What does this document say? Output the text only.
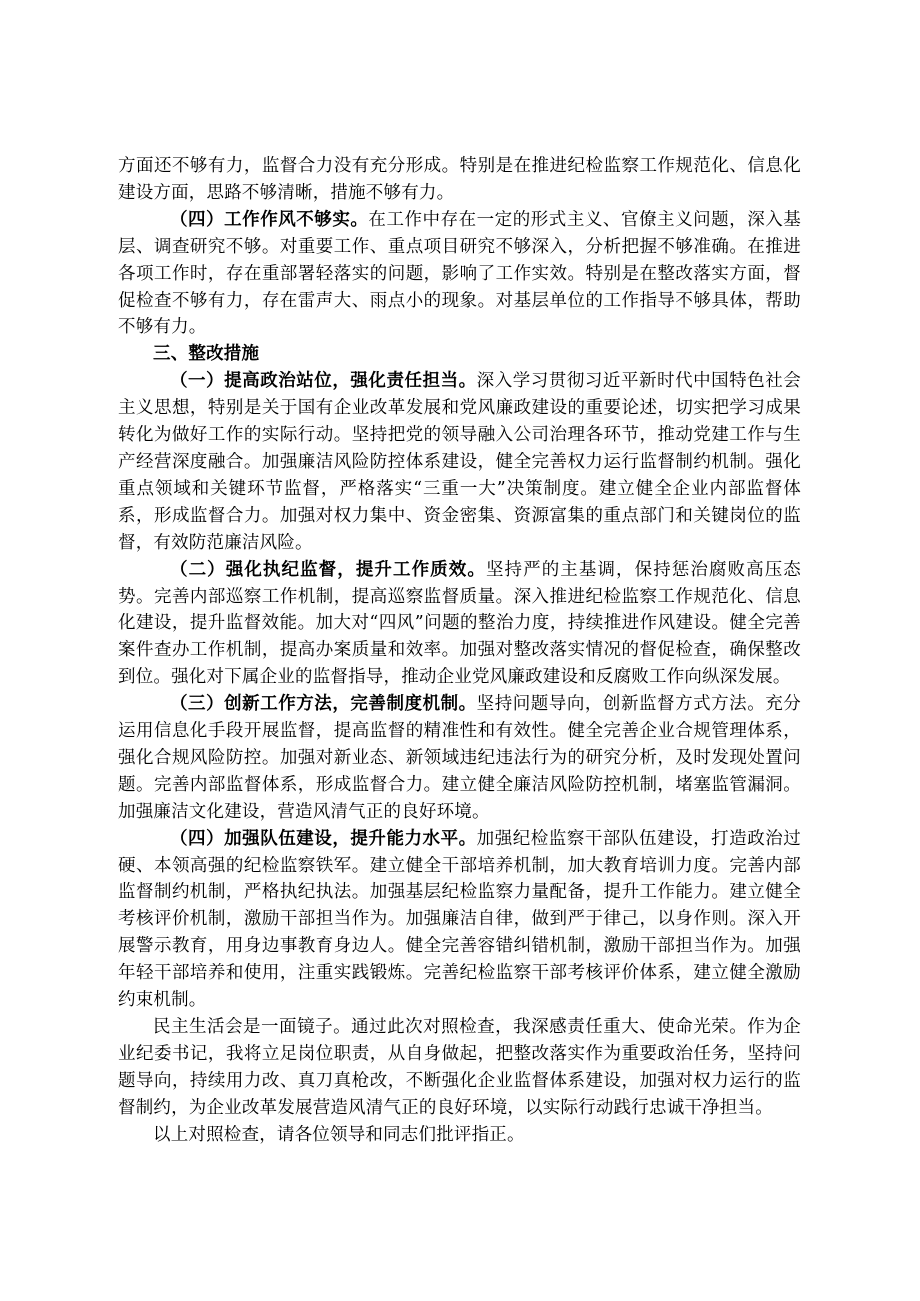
方面还不够有力，监督合力没有充分形成。特别是在推进纪检监察工作规范化、信息化建设方面，思路不够清晰，措施不够有力。

（四）工作作风不够实。在工作中存在一定的形式主义、官僚主义问题，深入基层、调查研究不够。对重要工作、重点项目研究不够深入，分析把握不够准确。在推进各项工作时，存在重部署轻落实的问题，影响了工作实效。特别是在整改落实方面，督促检查不够有力，存在雷声大、雨点小的现象。对基层单位的工作指导不够具体，帮助不够有力。

三、整改措施

（一）提高政治站位，强化责任担当。深入学习贯彻习近平新时代中国特色社会主义思想，特别是关于国有企业改革发展和党风廉政建设的重要论述，切实把学习成果转化为做好工作的实际行动。坚持把党的领导融入公司治理各环节，推动党建工作与生产经营深度融合。加强廉洁风险防控体系建设，健全完善权力运行监督制约机制。强化重点领域和关键环节监督，严格落实“三重一大”决策制度。建立健全企业内部监督体系，形成监督合力。加强对权力集中、资金密集、资源富集的重点部门和关键岗位的监督，有效防范廉洁风险。

（二）强化执纪监督，提升工作质效。坚持严的主基调，保持惩治腐败高压态势。完善内部巡察工作机制，提高巡察监督质量。深入推进纪检监察工作规范化、信息化建设，提升监督效能。加大对“四风”问题的整治力度，持续推进作风建设。健全完善案件查办工作机制，提高办案质量和效率。加强对整改落实情况的督促检查，确保整改到位。强化对下属企业的监督指导，推动企业党风廉政建设和反腐败工作向纵深发展。

（三）创新工作方法，完善制度机制。坚持问题导向，创新监督方式方法。充分运用信息化手段开展监督，提高监督的精准性和有效性。健全完善企业合规管理体系，强化合规风险防控。加强对新业态、新领域违纪违法行为的研究分析，及时发现处置问题。完善内部监督体系，形成监督合力。建立健全廉洁风险防控机制，堵塞监管漏洞。加强廉洁文化建设，营造风清气正的良好环境。

（四）加强队伍建设，提升能力水平。加强纪检监察干部队伍建设，打造政治过硬、本领高强的纪检监察铁军。建立健全干部培养机制，加大教育培训力度。完善内部监督制约机制，严格执纪执法。加强基层纪检监察力量配备，提升工作能力。建立健全考核评价机制，激励干部担当作为。加强廉洁自律，做到严于律己，以身作则。深入开展警示教育，用身边事教育身边人。健全完善容错纠错机制，激励干部担当作为。加强年轻干部培养和使用，注重实践锻炼。完善纪检监察干部考核评价体系，建立健全激励约束机制。

民主生活会是一面镜子。通过此次对照检查，我深感责任重大、使命光荣。作为企业纪委书记，我将立足岗位职责，从自身做起，把整改落实作为重要政治任务，坚持问题导向，持续用力改、真刀真枪改，不断强化企业监督体系建设，加强对权力运行的监督制约，为企业改革发展营造风清气正的良好环境，以实际行动践行忠诚干净担当。

以上对照检查，请各位领导和同志们批评指正。
